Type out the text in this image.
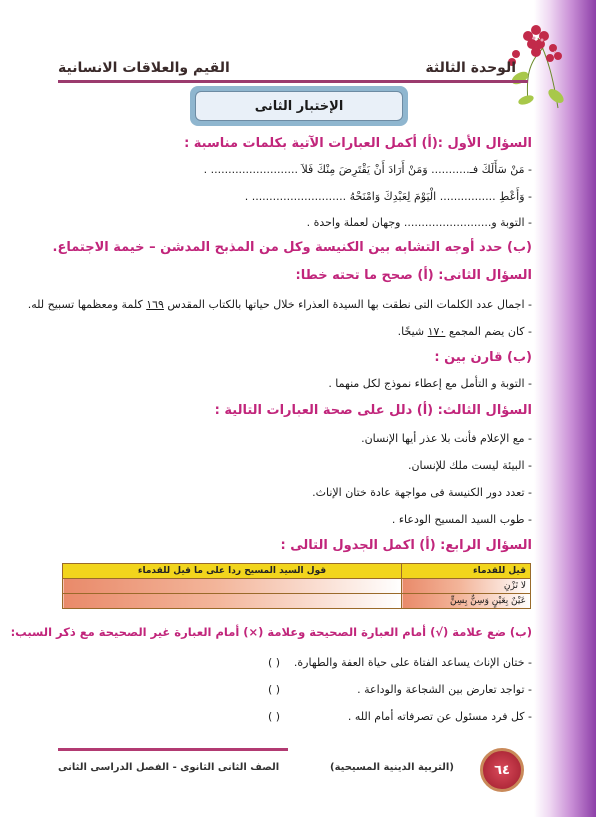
الوحدة الثالثة
القيم والعلاقات الانسانية
الإختبار الثانى
السؤال الأول :(أ) أكمل العبارات الآتية بكلمات مناسبة :
- مَنْ سَأَلَكَ فـ........... وَمَنْ أَرَادَ أَنْ يَقْتَرِضَ مِنْكَ فَلاَ ......................... .
- وَأَعْطِ ................ الْيَوْمَ لِعَبْدِكَ وَامْنَحْهُ ........................... .
- التوبة و......................... وجهان لعملة واحدة .
(ب) حدد أوجه التشابه بين الكنيسة وكل من المذبح المدشن – خيمة الاجتماع.
السؤال الثانى: (أ) صحح ما تحته خطا:
- اجمال عدد الكلمات التى نطقت بها السيدة العذراء خلال حياتها بالكتاب المقدس ١٦٩ كلمة ومعظمها تسبيح لله.
- كان يضم المجمع ١٧٠ شيخًا.
(ب) قارن بين :
- التوبة و التأمل مع إعطاء نموذج لكل منهما .
السؤال الثالث: (أ) دلل على صحة العبارات التالية :
- مع الإعلام فأنت بلا عذر أيها الإنسان.
- البيئة ليست ملك للإنسان.
- تعدد دور الكنيسة فى مواجهة عادة ختان الإناث.
- طوب السيد المسيح الودعاء .
السؤال الرابع: (أ) اكمل الجدول التالى :
قيل للقدماء	قول السيد المسيح ردا على ما قيل للقدماء
لا تَزْنِ	
عَيْنٌ بِعَيْنٍ وَسِنٌّ بِسِنٍّ	
(ب) ضع علامة (√) أمام العبارة الصحيحة وعلامة (×) أمام العبارة غير الصحيحة مع ذكر السبب:
- ختان الإناث يساعد الفتاة على حياة العفة والطهارة.
( )
- تواجد تعارض بين الشجاعة والوداعة .
( )
- كل فرد مسئول عن تصرفاته أمام الله .
( )
الصف الثانى الثانوى - الفصل الدراسى الثانى	(التربية الدينية المسيحية)	٦٤
